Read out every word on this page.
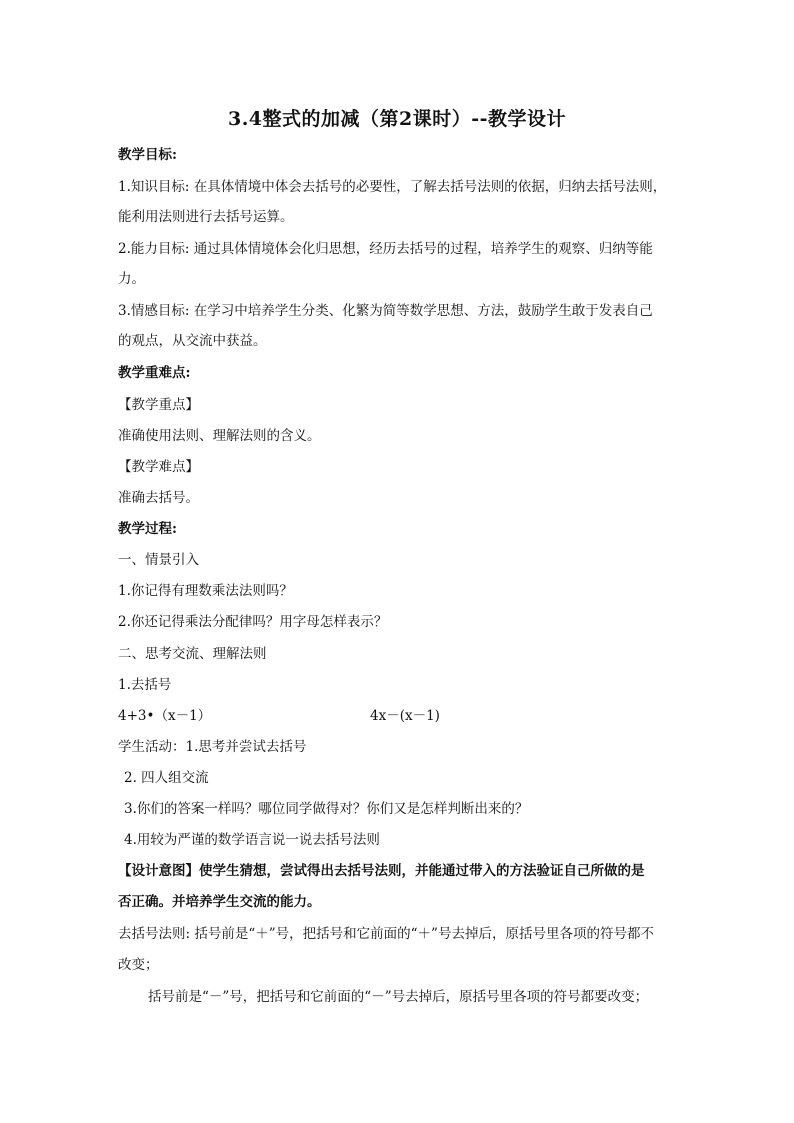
3.4整式的加减（第2课时）--教学设计
教学目标:
1.知识目标: 在具体情境中体会去括号的必要性，了解去括号法则的依据，归纳去括号法则，
能利用法则进行去括号运算。
2.能力目标: 通过具体情境体会化归思想，经历去括号的过程，培养学生的观察、归纳等能
力。
3.情感目标: 在学习中培养学生分类、化繁为简等数学思想、方法，鼓励学生敢于发表自己
的观点，从交流中获益。
教学重难点:
【教学重点】
准确使用法则、理解法则的含义。
【教学难点】
准确去括号。
教学过程:
一、情景引入
1.你记得有理数乘法法则吗？
2.你还记得乘法分配律吗？用字母怎样表示？
二、思考交流、理解法则
1.去括号
4+3•（x－1）	4x－(x－1)
学生活动：1.思考并尝试去括号
2. 四人组交流
3.你们的答案一样吗？哪位同学做得对？你们又是怎样判断出来的？
4.用较为严谨的数学语言说一说去括号法则
【设计意图】使学生猜想，尝试得出去括号法则，并能通过带入的方法验证自己所做的是
否正确。并培养学生交流的能力。
去括号法则: 括号前是“＋”号，把括号和它前面的“＋”号去掉后，原括号里各项的符号都不
改变；
括号前是“－”号，把括号和它前面的“－”号去掉后，原括号里各项的符号都要改变；
